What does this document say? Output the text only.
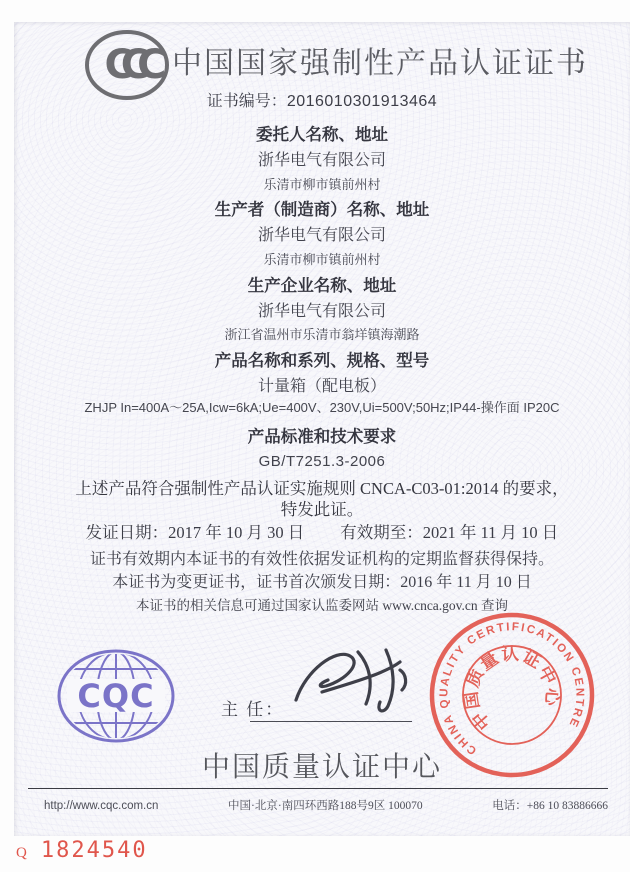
CCC 中国国家强制性产品认证证书
证书编号：2016010301913464
委托人名称、地址
浙华电气有限公司
乐清市柳市镇前州村
生产者（制造商）名称、地址
浙华电气有限公司
乐清市柳市镇前州村
生产企业名称、地址
浙华电气有限公司
浙江省温州市乐清市翁垟镇海潮路
产品名称和系列、规格、型号
计量箱（配电板）
ZHJP In=400A～25A,Icw=6kA;Ue=400V、230V,Ui=500V;50Hz;IP44-操作面 IP20C
产品标准和技术要求
GB/T7251.3-2006
上述产品符合强制性产品认证实施规则 CNCA-C03-01:2014 的要求，
特发此证。
发证日期：2017 年 10 月 30 日 有效期至：2021 年 11 月 10 日
证书有效期内本证书的有效性依据发证机构的定期监督获得保持。
本证书为变更证书，证书首次颁发日期：2016 年 11 月 10 日
本证书的相关信息可通过国家认监委网站 www.cnca.gov.cn 查询
CQC	主 任：
CHINA QUALITY CERTIFICATION CENTRE
中国质量认证中心
中国质量认证中心
http://www.cqc.com.cn	中国·北京·南四环西路188号9区 100070	电话：+86 10 83886666
Q 1824540
